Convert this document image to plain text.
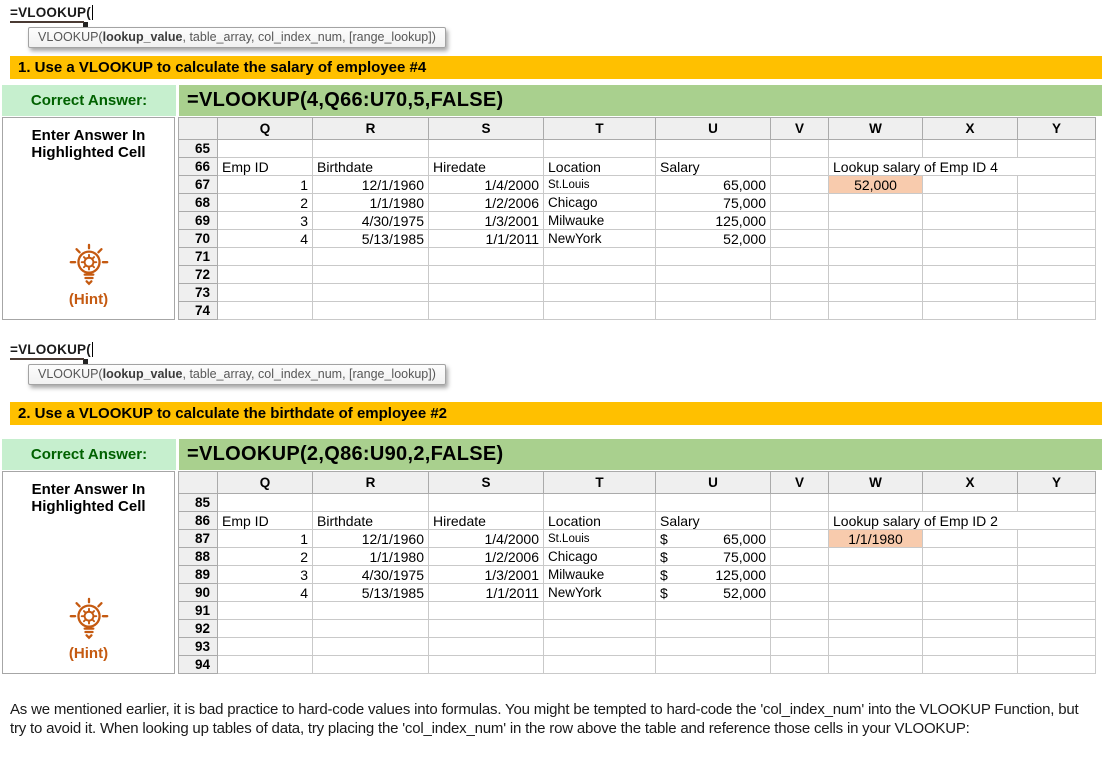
=VLOOKUP(
VLOOKUP(lookup_value, table_array, col_index_num, [range_lookup])
1. Use a VLOOKUP to calculate the salary of employee #4
Correct Answer:	=VLOOKUP(4,Q66:U70,5,FALSE)
Enter Answer In
Highlighted Cell
(Hint)
	Q	R	S	T	U	V	W	X	Y
65									
66	Emp ID	Birthdate	Hiredate	Location	Salary		Lookup salary of Emp ID 4		
67	1	12/1/1960	1/4/2000	St.Louis	65,000		52,000		
68	2	1/1/1980	1/2/2006	Chicago	75,000				
69	3	4/30/1975	1/3/2001	Milwauke	125,000				
70	4	5/13/1985	1/1/2011	NewYork	52,000				
71									
72									
73									
74									
=VLOOKUP(
VLOOKUP(lookup_value, table_array, col_index_num, [range_lookup])
2. Use a VLOOKUP to calculate the birthdate of employee #2
Correct Answer:	=VLOOKUP(2,Q86:U90,2,FALSE)
Enter Answer In
Highlighted Cell
(Hint)
	Q	R	S	T	U	V	W	X	Y
85									
86	Emp ID	Birthdate	Hiredate	Location	Salary		Lookup salary of Emp ID 2		
87	1	12/1/1960	1/4/2000	St.Louis	$ 65,000		1/1/1980		
88	2	1/1/1980	1/2/2006	Chicago	$ 75,000				

89	3	4/30/1975	1/3/2001	Milwauke	$ 125,000				

90	4	5/13/1985	1/1/2011	NewYork	$ 52,000				

91									
92									
93									
94									

As we mentioned earlier, it is bad practice to hard-code values into formulas. You might be tempted to hard-code the 'col_index_num' into the VLOOKUP Function, but try to avoid it. When looking up tables of data, try placing the 'col_index_num' in the row above the table and reference those cells in your VLOOKUP:
